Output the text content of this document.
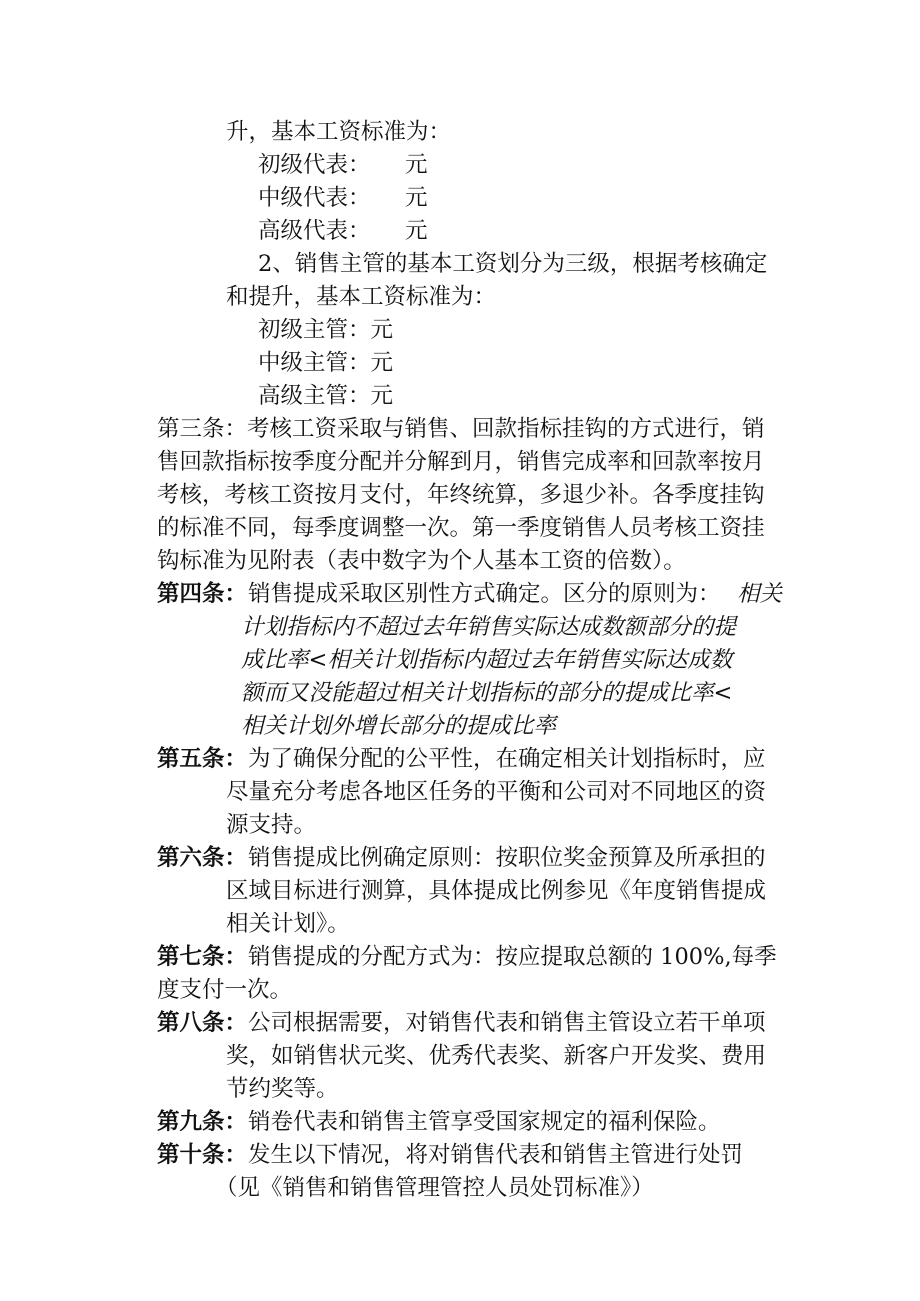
升，基本工资标准为：
初级代表： 元
中级代表： 元
高级代表： 元
2、销售主管的基本工资划分为三级，根据考核确定
和提升，基本工资标准为：
初级主管：元
中级主管：元
高级主管：元
第三条：考核工资采取与销售、回款指标挂钩的方式进行，销
售回款指标按季度分配并分解到月，销售完成率和回款率按月
考核，考核工资按月支付，年终统算，多退少补。各季度挂钩
的标准不同，每季度调整一次。第一季度销售人员考核工资挂
钩标准为见附表（表中数字为个人基本工资的倍数）。
第四条： 销售提成采取区别性方式确定。区分的原则为： 相关
计划指标内不超过去年销售实际达成数额部分的提
成比率<相关计划指标内超过去年销售实际达成数
额而又没能超过相关计划指标的部分的提成比率<
相关计划外增长部分的提成比率
第五条： 为了确保分配的公平性，在确定相关计划指标时，应
尽量充分考虑各地区任务的平衡和公司对不同地区的资
源支持。
第六条： 销售提成比例确定原则：按职位奖金预算及所承担的
区域目标进行测算，具体提成比例参见《年度销售提成
相关计划》。
第七条： 销售提成的分配方式为：按应提取总额的 100%,每季
度支付一次。
第八条： 公司根据需要，对销售代表和销售主管设立若干单项
奖，如销售状元奖、优秀代表奖、新客户开发奖、费用
节约奖等。
第九条： 销卷代表和销售主管享受国家规定的福利保险。
第十条： 发生以下情况，将对销售代表和销售主管进行处罚
（见《销售和销售管理管控人员处罚标准》）
